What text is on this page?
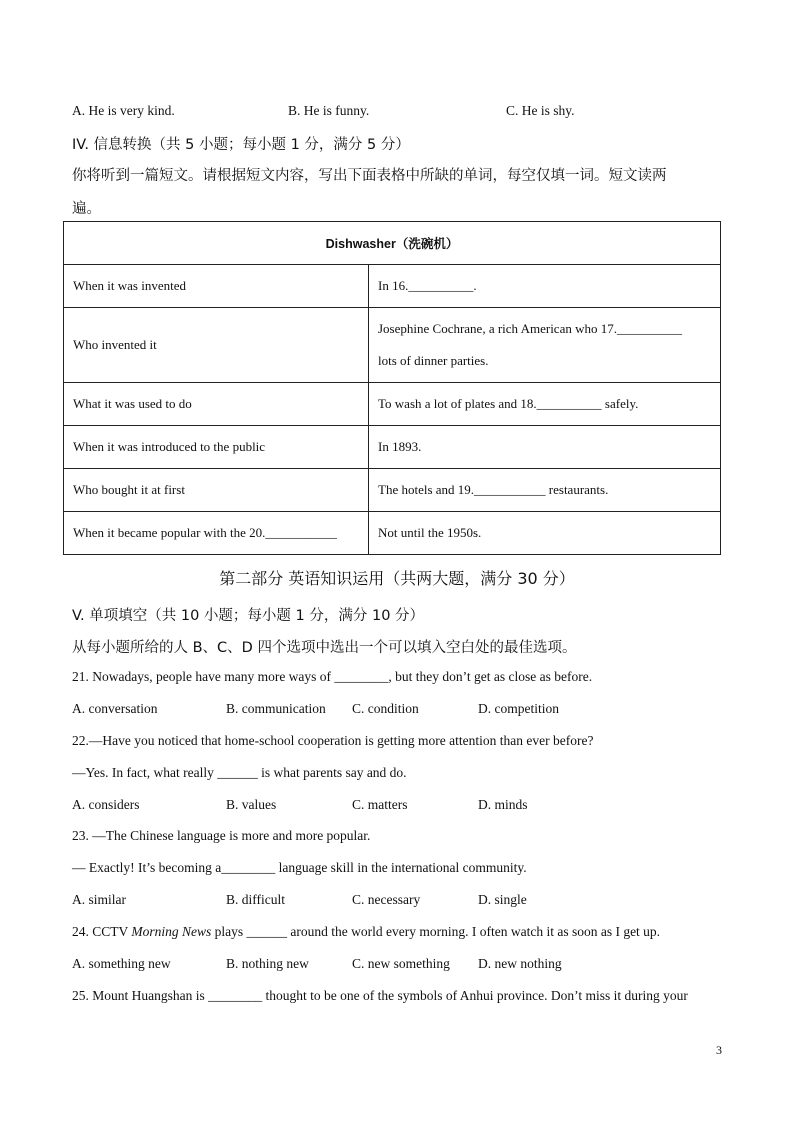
A. He is very kind.	B. He is funny.	C. He is shy.
IV. 信息转换（共 5 小题；每小题 1 分，满分 5 分）
你将听到一篇短文。请根据短文内容，写出下面表格中所缺的单词，每空仅填一词。短文读两
遍。
Dishwasher（洗碗机）	
When it was invented	In 16.__________.
Who invented it	Josephine Cochrane, a rich American who 17.__________
lots of dinner parties.

What it was used to do	To wash a lot of plates and 18.__________ safely.
When it was introduced to the public	In 1893.
Who bought it at first	The hotels and 19.___________ restaurants.
When it became popular with the 20.___________	Not until the 1950s.
第二部分 英语知识运用（共两大题，满分 30 分）
V. 单项填空（共 10 小题；每小题 1 分，满分 10 分）
从每小题所给的人 B、C、D 四个选项中选出一个可以填入空白处的最佳选项。
21. Nowadays, people have many more ways of ________, but they don’t get as close as before.
A. conversation	B. communication C. condition	D. competition
22.—Have you noticed that home-school cooperation is getting more attention than ever before?
—Yes. In fact, what really ______ is what parents say and do.
A. considers	B. values	C. matters	D. minds
23. —The Chinese language is more and more popular.
— Exactly! It’s becoming a________ language skill in the international community.
A. similar	B. difficult	C. necessary	D. single
24. CCTV Morning News plays ______ around the world every morning. I often watch it as soon as I get up.
A. something new	B. nothing new	C. new something D. new nothing
25. Mount Huangshan is ________ thought to be one of the symbols of Anhui province. Don’t miss it during your
3
